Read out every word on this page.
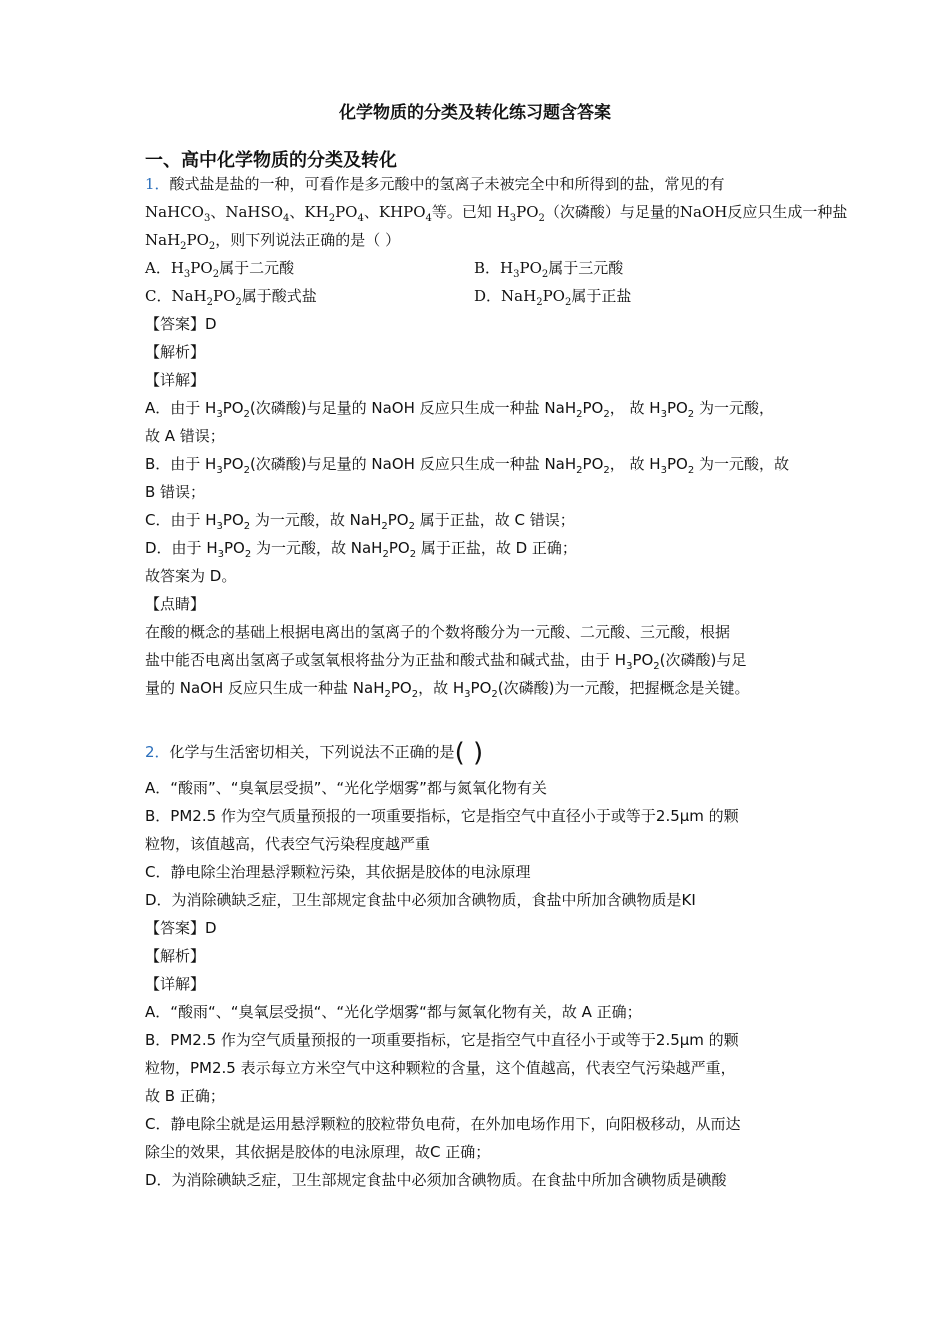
化学物质的分类及转化练习题含答案
一、高中化学物质的分类及转化
1．酸式盐是盐的一种，可看作是多元酸中的氢离子未被完全中和所得到的盐，常见的有
NaHCO$_3$、NaHSO$_4$、$KH_2PO_4$、$KHPO_4$等。已知 $H_3PO_2$（次磷酸）与足量的NaOH反应只生成一种盐
$NaH_2PO_2$，则下列说法正确的是（ ）
A．$H_3PO_2$属于二元酸	B．$H_3PO_2$属于三元酸
C．$NaH_2PO_2$属于酸式盐	D．$NaH_2PO_2$属于正盐
【答案】D
【解析】
【详解】
A．由于 $H_3PO_2$(次磷酸)与足量的 NaOH 反应只生成一种盐 $NaH_2PO_2$， 故 $H_3PO_2$ 为一元酸，
故 A 错误；
B．由于 $H_3PO_2$(次磷酸)与足量的 NaOH 反应只生成一种盐 $NaH_2PO_2$， 故 $H_3PO_2$ 为一元酸，故
B 错误；
C．由于 $H_3PO_2$ 为一元酸，故 $NaH_2PO_2$ 属于正盐，故 C 错误；
D．由于 $H_3PO_2$ 为一元酸，故 $NaH_2PO_2$ 属于正盐，故 D 正确；
故答案为 D。
【点睛】
在酸的概念的基础上根据电离出的氢离子的个数将酸分为一元酸、二元酸、三元酸，根据
盐中能否电离出氢离子或氢氧根将盐分为正盐和酸式盐和碱式盐，由于 $H_3PO_2$(次磷酸)与足
量的 NaOH 反应只生成一种盐 $NaH_2PO_2$，故 $H_3PO_2$(次磷酸)为一元酸，把握概念是关键。
2．化学与生活密切相关，下列说法不正确的是( )
A．“酸雨”、“臭氧层受损”、“光化学烟雾”都与氮氧化物有关
B．PM2.5 作为空气质量预报的一项重要指标，它是指空气中直径小于或等于2.5μm 的颗
粒物，该值越高，代表空气污染程度越严重
C．静电除尘治理悬浮颗粒污染，其依据是胶体的电泳原理
D．为消除碘缺乏症，卫生部规定食盐中必须加含碘物质，食盐中所加含碘物质是KI
【答案】D
【解析】
【详解】
A．“酸雨“、“臭氧层受损“、“光化学烟雾“都与氮氧化物有关，故 A 正确；
B．PM2.5 作为空气质量预报的一项重要指标，它是指空气中直径小于或等于2.5μm 的颗
粒物，PM2.5 表示每立方米空气中这种颗粒的含量，这个值越高，代表空气污染越严重，
故 B 正确；
C．静电除尘就是运用悬浮颗粒的胶粒带负电荷，在外加电场作用下，向阳极移动，从而达
除尘的效果，其依据是胶体的电泳原理，故C 正确；
D．为消除碘缺乏症，卫生部规定食盐中必须加含碘物质。在食盐中所加含碘物质是碘酸
